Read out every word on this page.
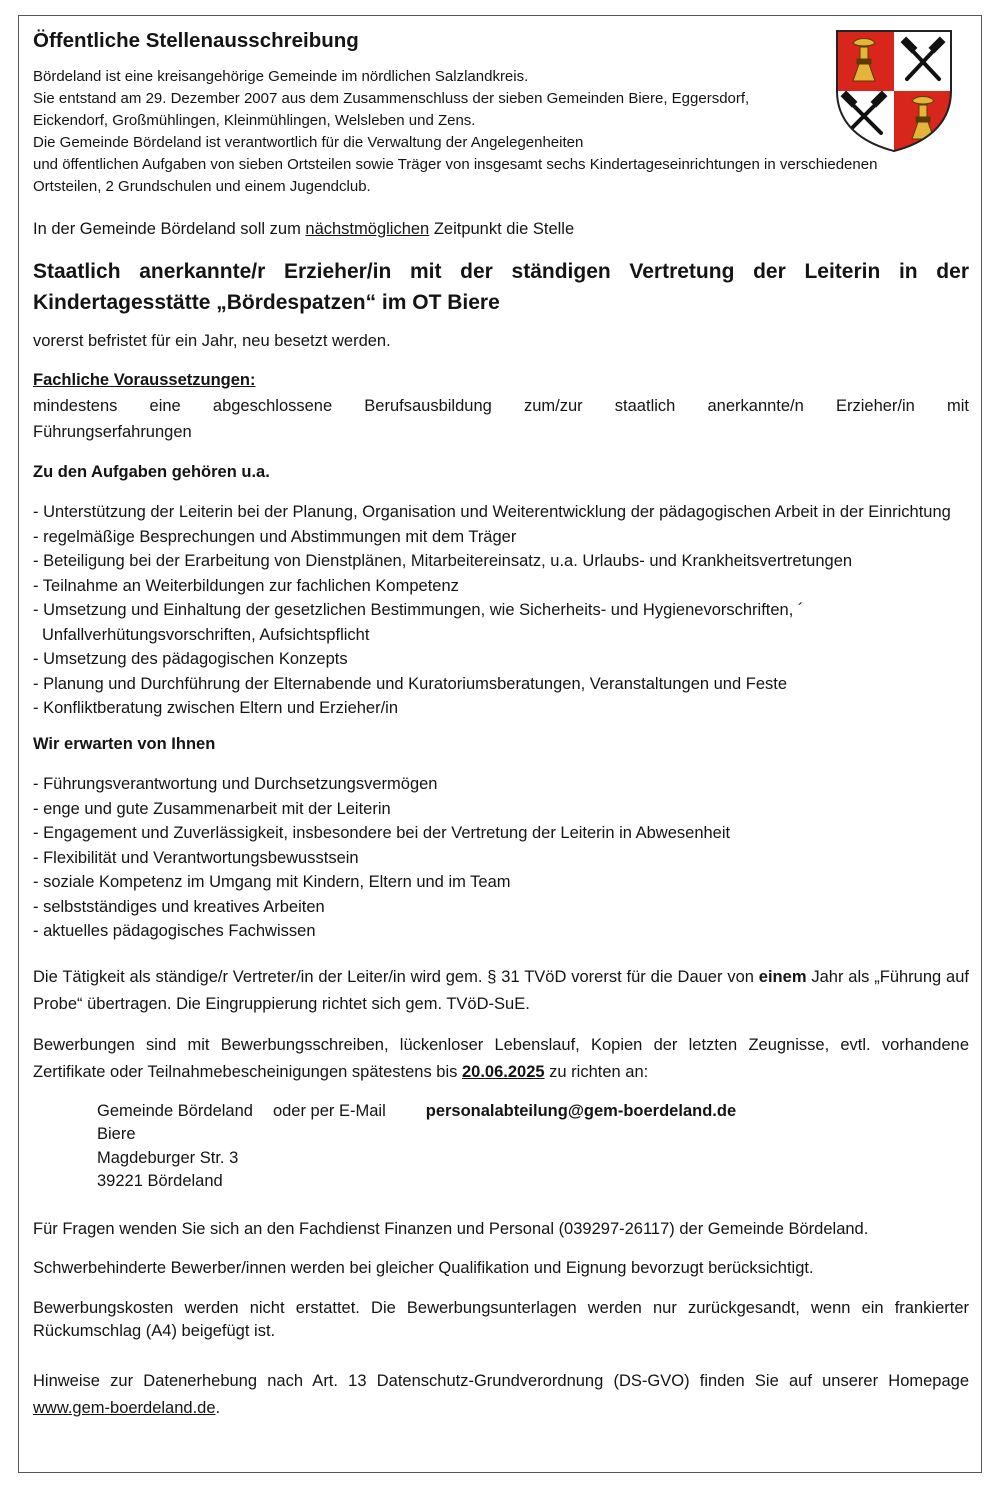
Öffentliche Stellenausschreibung

Bördeland ist eine kreisangehörige Gemeinde im nördlichen Salzlandkreis.

Sie entstand am 29. Dezember 2007 aus dem Zusammenschluss der sieben Gemeinden Biere, Eggersdorf,

Eickendorf, Großmühlingen, Kleinmühlingen, Welsleben und Zens.

Die Gemeinde Bördeland ist verantwortlich für die Verwaltung der Angelegenheiten

und öffentlichen Aufgaben von sieben Ortsteilen sowie Träger von insgesamt sechs Kindertageseinrichtungen in verschiedenen

Ortsteilen, 2 Grundschulen und einem Jugendclub.

In der Gemeinde Bördeland soll zum nächstmöglichen Zeitpunkt die Stelle

Staatlich anerkannte/r Erzieher/in mit der ständigen Vertretung der Leiterin in der Kindertagesstätte „Bördespatzen“ im OT Biere

vorerst befristet für ein Jahr, neu besetzt werden.

Fachliche Voraussetzungen:

mindestens eine abgeschlossene Berufsausbildung zum/zur staatlich anerkannte/n Erzieher/in mit Führungserfahrungen

Zu den Aufgaben gehören u.a.

- Unterstützung der Leiterin bei der Planung, Organisation und Weiterentwicklung der pädagogischen Arbeit in der Einrichtung
- regelmäßige Besprechungen und Abstimmungen mit dem Träger
- Beteiligung bei der Erarbeitung von Dienstplänen, Mitarbeitereinsatz, u.a. Urlaubs- und Krankheitsvertretungen
- Teilnahme an Weiterbildungen zur fachlichen Kompetenz
- Umsetzung und Einhaltung der gesetzlichen Bestimmungen, wie Sicherheits- und Hygienevorschriften, ´ Unfallverhütungsvorschriften, Aufsichtspflicht
- Umsetzung des pädagogischen Konzepts
- Planung und Durchführung der Elternabende und Kuratoriumsberatungen, Veranstaltungen und Feste
- Konfliktberatung zwischen Eltern und Erzieher/in

Wir erwarten von Ihnen

- Führungsverantwortung und Durchsetzungsvermögen
- enge und gute Zusammenarbeit mit der Leiterin
- Engagement und Zuverlässigkeit, insbesondere bei der Vertretung der Leiterin in Abwesenheit
- Flexibilität und Verantwortungsbewusstsein
- soziale Kompetenz im Umgang mit Kindern, Eltern und im Team
- selbstständiges und kreatives Arbeiten
- aktuelles pädagogisches Fachwissen

Die Tätigkeit als ständige/r Vertreter/in der Leiter/in wird gem. § 31 TVöD vorerst für die Dauer von einem Jahr als „Führung auf Probe“ übertragen. Die Eingruppierung richtet sich gem. TVöD-SuE.

Bewerbungen sind mit Bewerbungsschreiben, lückenloser Lebenslauf, Kopien der letzten Zeugnisse, evtl. vorhandene Zertifikate oder Teilnahmebescheinigungen spätestens bis 20.06.2025 zu richten an:

Gemeinde Bördeland oder per E-Mail personalabteilung@gem-boerdeland.de

Biere

Magdeburger Str. 3

39221 Bördeland

Für Fragen wenden Sie sich an den Fachdienst Finanzen und Personal (039297-26117) der Gemeinde Bördeland.

Schwerbehinderte Bewerber/innen werden bei gleicher Qualifikation und Eignung bevorzugt berücksichtigt.

Bewerbungskosten werden nicht erstattet. Die Bewerbungsunterlagen werden nur zurückgesandt, wenn ein frankierter Rückumschlag (A4) beigefügt ist.

Hinweise zur Datenerhebung nach Art. 13 Datenschutz-Grundverordnung (DS-GVO) finden Sie auf unserer Homepage www.gem-boerdeland.de.
